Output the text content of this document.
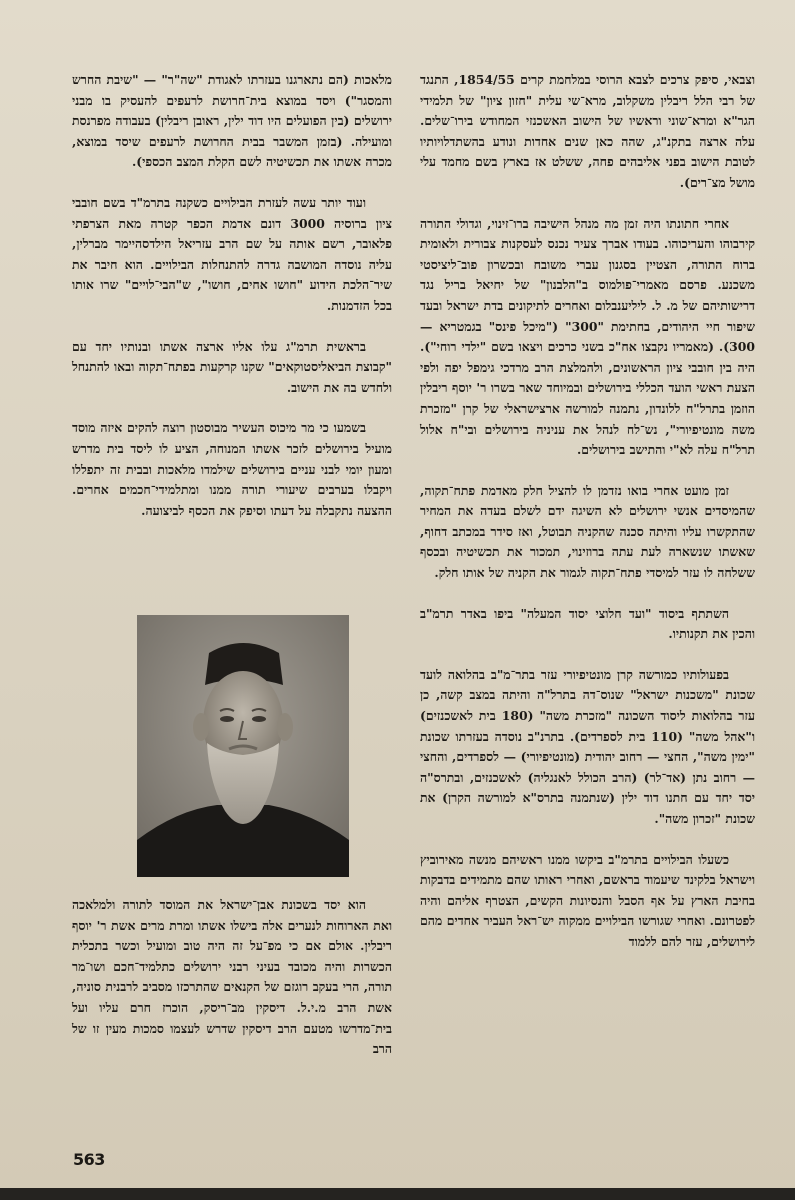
וצבאי, סיפק צרכים לצבא הרוסי במלחמת קרים 1854/55, התנגד של רבי הלל ריבלין משקלוב, מרא־שי עלית "חזון ציון" של תלמידי הגר"א ומרא־שוני וראשיו של הישוב האשכנזי המחודש בירו־שלים. עלה ארצה בתקנ"ג, שהה כאן שנים אחדות ונודע בהשתדלויותיו לטובת הישוב בפני אליבהים פחה, ששלט אז בארץ בשם מחמד עלי מושל מצ־רים).

אחרי חתונתו היה זמן מה מנהל הישיבה ברו־זינוי, וגדולי התורה קירבוהו והעריכוהו. בעודו אברך צעיר נכנס לעסקנות צבורית ולאומית ברוח התורה, הצטיין בסגנון עברי משובח ובכשרון פוב־ליציסטי משכנע. פרסם מאמרי־פולמוס ב"הלבנון" של יחיאל בריל נגד דרישותיהם של מ. ל. ליליענבלום ואחרים לתיקונים בדת ישראל ובעד שיפור חיי היהודים, בחתימת "300" ("מיכל פינס" בגמטריא — 300). (מאמריו נקבצו אח"כ בשני כרכים ויצאו בשם "ילדי רוחי"). היה בין חובבי ציון הראשונים, ולהמלצת הרב מרדכי גימפל יפה ולפי הצעת ראשי הועד הכללי בירושלים ובמיוחד שאר בשרו ר' יוסף ריבלין הוזמן בתרל"ח ללונדון, נתמנה למורשה ארצישראלי של קרן "מזכרת משה מונטיפיורי", נש־לח לנהל את עניניה בירושלים ובי"ח אלול תרל"ח עלה לא"י והתישב בירושלים.

זמן מועט אחרי בואו נזדמן לו להציל חלק מאדמת פתח־תקוה, שהמיסדים אנשי ירושלים לא השיגה ידם לשלם בעדה את המחיר שהתקשרו עליו והיתה סכנה שהקניה תבוטל, ואז סידר במכתב דחוף, שאשתו שנשארה לעת עתה ברוזינוי, תמכור את תכשיטיה ובכסף ששלחה לו עזר למיסדי פתח־תקוה לגמור את הקניה של אותו חלק.

השתתף ביסוד "ועד חלוצי יסוד המעלה" ביפו באדר תרמ"ב והכין את תקנותיו.

בפעולותיו כמורשה קרן מונטיפיורי עזר בתר־מ"ב בהלואה לועד שכונת "משכנות ישראל" שנוס־דה בתרל"ה והיתה במצב קשה, כן עזר בהלואות ליסוד השכונה "מזכרת משה" (180 בית לאשכנזים) ו"אהל משה" (110 בית לספרדים). בתרנ"ב נוסדה בעזרתו שכונת "ימין משה", החצי — רחוב יהודית (מונטיפיורי) — לספרדים, והחצי — רחוב נתן (אד־לר) (הרב הכולל לאנגליה) לאשכנזים, ובתרס"ה יסד יחד עם חתנו דוד ילין (שנתמנה בתרס"א למורשה הקרן) את שכונת "זכרון משה".

כשעלו הבילויים בתרמ"ב ביקשו ממנו ראשיהם מנשה מאירוביץ וישראל בלקינד שיעמוד בראשם, ואחרי ראותו שהם מתמידים בדבקות בחיבת הארץ על אף הסבל והנסיונות הקשים, הצטרף אליהם והיה לפטרונם. ואחרי שגורשו הבילויים ממקוה יש־ראל העביר אחדים מהם לירושלים, עזר להם ללמוד

מלאכות (הם נתארגנו בעזרתו לאגודת "שה"ר" — "שיבת החרש והמסגר") ויסד במוצא בית־חרושת לרעפים להעסיק בו מבני ירושלים (בין הפועלים היו דוד ילין, ראובן ריבלין) בעבודה מפרנסת ומועילה. (בזמן המשבר בבית החרושת לרעפים שיסד במוצא, מכרה אשתו את תכשיטיה לשם הקלת המצב הכספי).

ועוד יותר עשה לעזרת הבילויים כשקנה בתרמ"ד בשם חובבי ציון ברוסיה 3000 דונם אדמת הכפר קטרה מאת הצרפתי פלאובר, רשם אותה על שם הרב עזריאל הילדסהיימר מברלין, עליה נוסדה המושבה גדרה להתנחלות הבילויים. הוא חיבר את שיר־הלכת הידוע "חושו אחים, חושו", ש"הבי־לויים" שרו אותו בכל הזדמנות.

בראשית תרמ"ג עלו אליו ארצה אשתו ובנותיו יחד עם "קבוצת הביאליסטוקאים" שקנו קרקעות בפתח־תקוה ובאו להתנחל ולחדש בה את הישוב.

בשמעו כי מר מיכוס העשיר מבוסטון רוצה להקים איזה מוסד מועיל בירושלים לזכר אשתו המנוחה, הציע לו ליסד בית מדרש ומעון יומי לבני עניים בירושלים שילמדו מלאכות ובבית זה יתפללו ויקבלו בערבים שיעורי תורה ממנו ומתלמידי־חכמים אחרים. ההצעה נתקבלה על דעתו וסיפק את הכסף לביצועה.

הוא יסד בשכונת אבן־ישראל את המוסד לתורה ולמלאכה ואת הארוחות לנערים אלה בישלו אשתו ומרת מרים אשת ר' יוסף ריבלין. אולם אם כי מפ־על זה היה טוב ומועיל וכשר בתכלית הכשרות והיה מכובד בעיני רבני ירושלים כתלמיד־חכם ושו־מר תורה, הרי בעקב רוגזם של הקנאים שהתרכזו מסביב לרבנית סוניה, אשת הרב מ.י.ל. דיסקין מב־ריסק, הוכרז חרם עליו ועל בית־מדרשו מטעם הרב דיסקין שדרש לעצמו סמכות מעין זו של הרב

563
